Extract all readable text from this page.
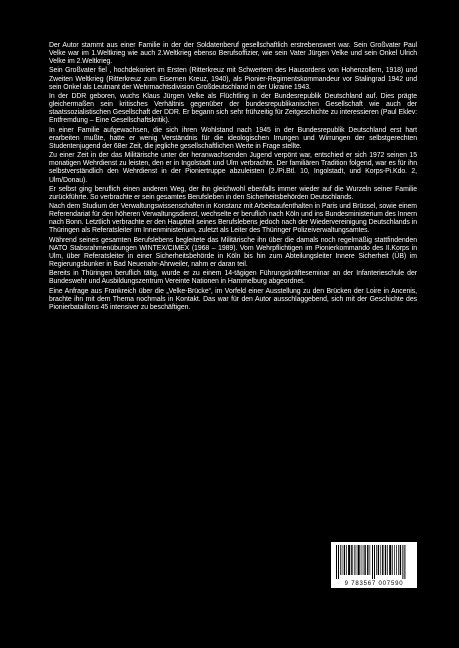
Der Autor stammt aus einer Familie in der der Soldatenberuf gesellschaftlich erstrebenswert war. Sein Großvater Paul Velke war im 1.Weltkrieg wie auch 2.Weltkrieg ebenso Berufsoffizier, wie sein Vater Jürgen Velke und sein Onkel Ulrich Velke im 2.Weltkrieg.

Sein Großvater fiel , hochdekoriert im Ersten (Ritterkreuz mit Schwertern des Hausordens von Hohenzollern, 1918) und Zweiten Weltkrieg (Ritterkreuz zum Eisernen Kreuz, 1940), als Pionier-Regimentskommandeur vor Stalingrad 1942 und sein Onkel als Leutnant der Wehrmachtsdivision Großdeutschland in der Ukraine 1943.

In der DDR geboren, wuchs Klaus Jürgen Velke als Flüchtling in der Bundesrepublik Deutschland auf. Dies prägte gleichermaßen sein kritisches Verhältnis gegenüber der bundesrepublikanischen Gesellschaft wie auch der staatssozialistischen Gesellschaft der DDR. Er begann sich sehr frühzeitig für Zeitgeschichte zu interessieren (Paul Eklev: Entfremdung – Eine Gesellschaftskritik).

In einer Familie aufgewachsen, die sich ihren Wohlstand nach 1945 in der Bundesrepublik Deutschland erst hart erarbeiten mußte, hatte er wenig Verständnis für die ideologischen Irrungen und Wirrungen der selbstgerechten Studentenjugend der 68er Zeit, die jegliche gesellschaftlichen Werte in Frage stellte.

Zu einer Zeit in der das Militärische unter der heranwachsenden Jugend verpönt war, entschied er sich 1972 seinen 15 monatigen Wehrdienst zu leisten, den er in Ingolstadt und Ulm verbrachte. Der familiären Tradition folgend, war es für ihn selbstverständlich den Wehrdienst in der Pioniertruppe abzuleisten (2./Pi.Btl. 10, Ingolstadt, und Korps-Pi.Kdo. 2, Ulm/Donau).

Er selbst ging beruflich einen anderen Weg, der ihn gleichwohl ebenfalls immer wieder auf die Wurzeln seiner Familie zurückführte. So verbrachte er sein gesamtes Berufsleben in den Sicherheitsbehörden Deutschlands.

Nach dem Studium der Verwaltungswissenschaften in Konstanz mit Arbeitsaufenthalten in Paris und Brüssel, sowie einem Referendariat für den höheren Verwaltungsdienst, wechselte er beruflich nach Köln und ins Bundesministerium des Innern nach Bonn. Letztlich verbrachte er den Hauptteil seines Berufslebens jedoch nach der Wiedervereinigung Deutschlands in Thüringen als Referatsleiter im Innenministerium, zuletzt als Leiter des Thüringer Polizeiverwaltungsamtes.

Während seines gesamten Berufslebens begleitete das Militärische ihn über die damals noch regelmäßig stattfindenden NATO Stabsrahmenübungen WINTEX/CIMEX (1968 – 1989). Vom Wehrpflichtigen im Pionierkommando des II.Korps in Ulm, über Referatsleiter in einer Sicherheitsbehörde in Köln bis hin zum Abteilungsleiter Innere Sicherheit (ÜB) im Regierungsbunker in Bad Neuenahr-Ahrweiler, nahm er daran teil.

Bereits in Thüringen beruflich tätig, wurde er zu einem 14-tägigen Führungskräfteseminar an der Infanterieschule der Bundeswehr und Ausbildungszentrum Vereinte Nationen in Hammelburg abgeordnet.

Eine Anfrage aus Frankreich über die „Velke-Brücke“, im Vorfeld einer Ausstellung zu den Brücken der Loire in Ancenis, brachte ihn mit dem Thema nochmals in Kontakt. Das war für den Autor ausschlaggebend, sich mit der Geschichte des Pionierbataillons 45 intensiver zu beschäftigen.

9 783567 007590
